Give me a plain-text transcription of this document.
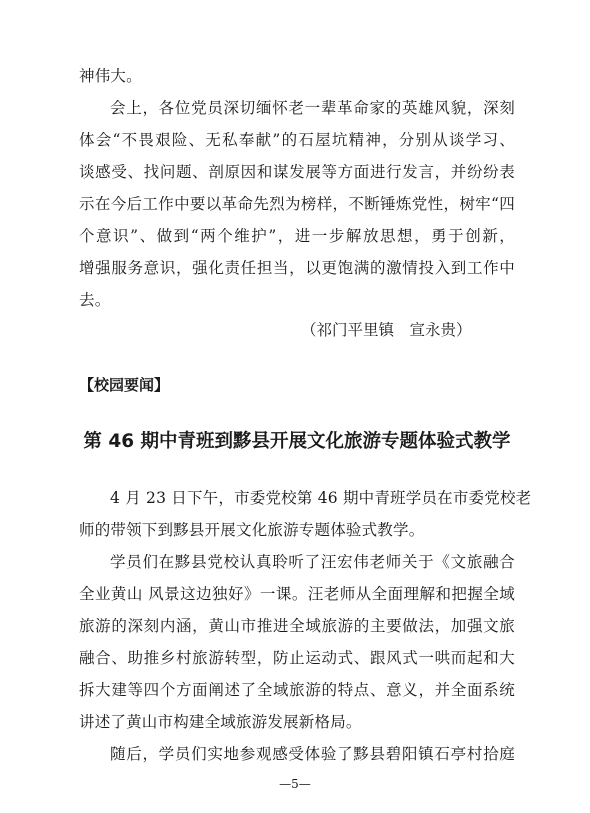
神伟大。
会上，各位党员深切缅怀老一辈革命家的英雄风貌，深刻
体会“不畏艰险、无私奉献”的石屋坑精神，分别从谈学习、
谈感受、找问题、剖原因和谋发展等方面进行发言，并纷纷表
示在今后工作中要以革命先烈为榜样，不断锤炼党性，树牢“四
个意识”、做到“两个维护”，进一步解放思想，勇于创新，
增强服务意识，强化责任担当，以更饱满的激情投入到工作中
去。
（祁门平里镇　宣永贵）
【校园要闻】
第 46 期中青班到黟县开展文化旅游专题体验式教学
4 月 23 日下午，市委党校第 46 期中青班学员在市委党校老
师的带领下到黟县开展文化旅游专题体验式教学。
学员们在黟县党校认真聆听了汪宏伟老师关于《文旅融合
全业黄山 风景这边独好》一课。汪老师从全面理解和把握全域
旅游的深刻内涵，黄山市推进全域旅游的主要做法，加强文旅
融合、助推乡村旅游转型，防止运动式、跟风式一哄而起和大
拆大建等四个方面阐述了全域旅游的特点、意义，并全面系统
讲述了黄山市构建全域旅游发展新格局。
随后，学员们实地参观感受体验了黟县碧阳镇石亭村拾庭
—5—
